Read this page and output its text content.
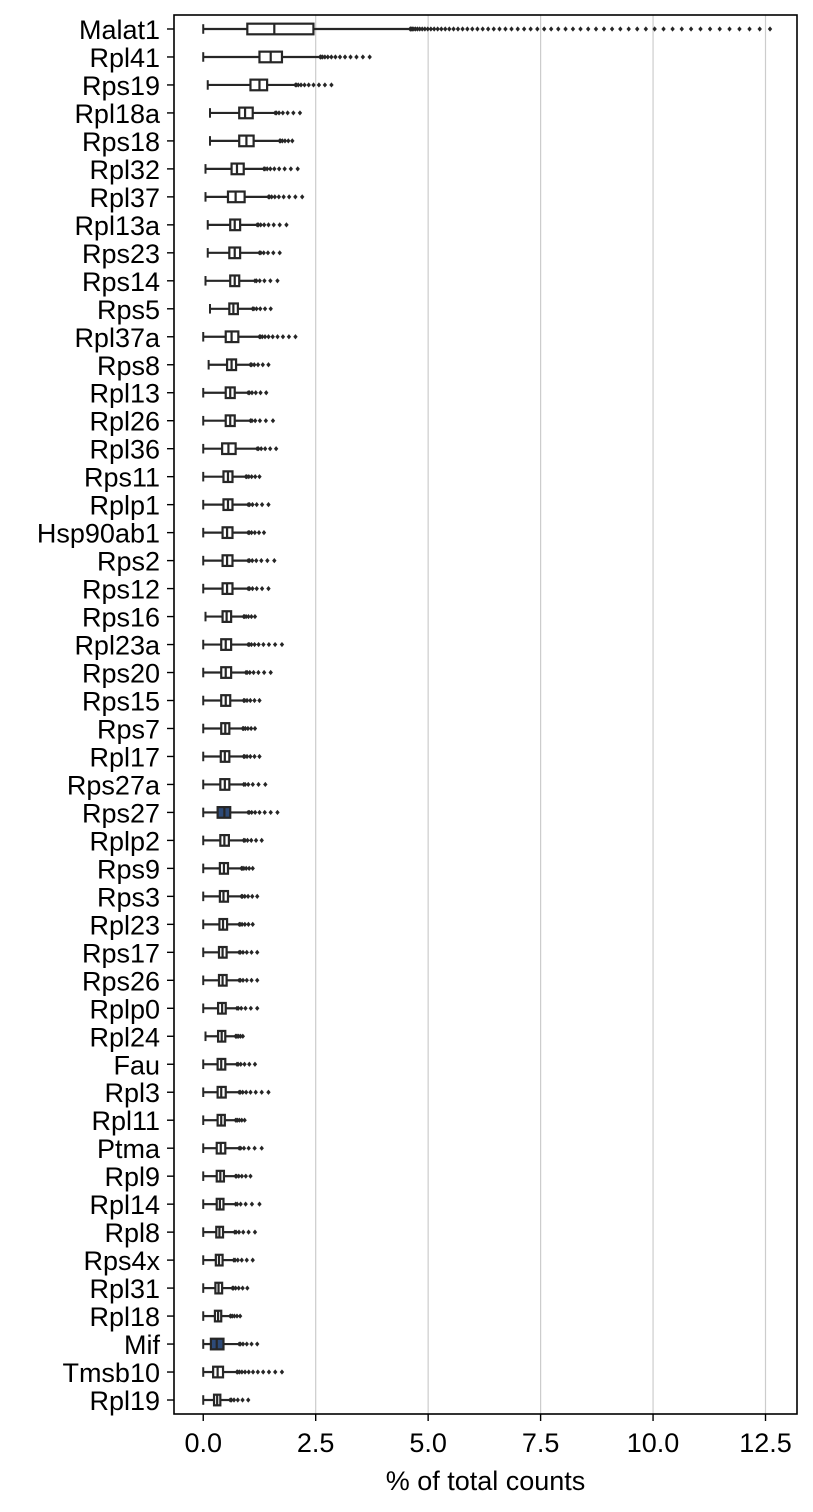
Malat1
Rpl41
Rps19
Rpl18a
Rps18
Rpl32
Rpl37
Rpl13a
Rps23
Rps14
Rps5
Rpl37a
Rps8
Rpl13
Rpl26
Rpl36
Rps11
Rplp1
Hsp90ab1
Rps2
Rps12
Rps16
Rpl23a
Rps20
Rps15
Rps7
Rpl17
Rps27a
Rps27
Rplp2
Rps9
Rps3
Rpl23
Rps17
Rps26
Rplp0
Rpl24
Fau
Rpl3
Rpl11
Ptma
Rpl9
Rpl14
Rpl8
Rps4x
Rpl31
Rpl18
Mif
Tmsb10
Rpl19
0.0	2.5	5.0	7.5 10.0 12.5
% of total counts
